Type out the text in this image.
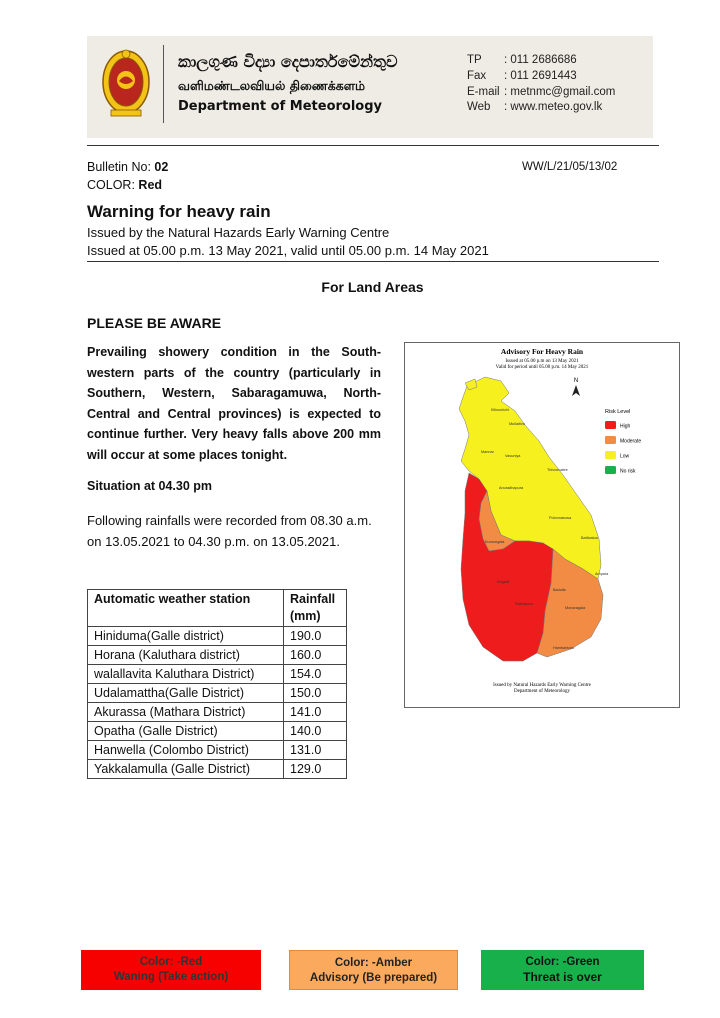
කාලගුණ විද්‍යා දෙපාර්තමේන්තුව
வளிமண்டலவியல் திணைக்களம்
Department of Meteorology
TP : 011 2686686
Fax : 011 2691443
E-mail : metnmc@gmail.com
Web : www.meteo.gov.lk
Bulletin No: 02
COLOR: Red
WW/L/21/05/13/02
Warning for heavy rain
Issued by the Natural Hazards Early Warning Centre
Issued at 05.00 p.m. 13 May 2021, valid until 05.00 p.m. 14 May 2021
For Land Areas
PLEASE BE AWARE
Prevailing showery condition in the South-western parts of the country (particularly in Southern, Western, Sabaragamuwa, North-Central and Central provinces) is expected to continue further. Very heavy falls above 200 mm will occur at some places tonight.
Situation at 04.30 pm
Following rainfalls were recorded from 08.30 a.m. on 13.05.2021 to 04.30 p.m. on 13.05.2021.
Automatic weather station	Rainfall (mm)
Hiniduma(Galle district)	190.0
Horana (Kaluthara district)	160.0
walallavita Kaluthara District)	154.0
Udalamattha(Galle District)	150.0
Akurassa (Mathara District)	141.0
Opatha (Galle District)	140.0
Hanwella (Colombo District)	131.0
Yakkalamulla (Galle District)	129.0
Advisory For Heavy Rain
Issued at 05.00 p.m on 13 May 2021
Valid for period until 05.00 p.m. 14 May 2021
N
Kilinochchi
Mullaitivu
Mannar
Vavuniya
Trincomalee
Anuradhapura
Polonnaruwa
Batticaloa
Kurunegala
Ampara
Badulla
Monaragala
Hambantota
Kegalle
Ratnapura
Risk Level
High
Moderate
Low
No risk
Issued by Natural Hazards Early Warning Centre
Department of Meteorology
Color: -Red
Waning (Take action)
Color: -Amber
Advisory (Be prepared)
Color: -Green
Threat is over
